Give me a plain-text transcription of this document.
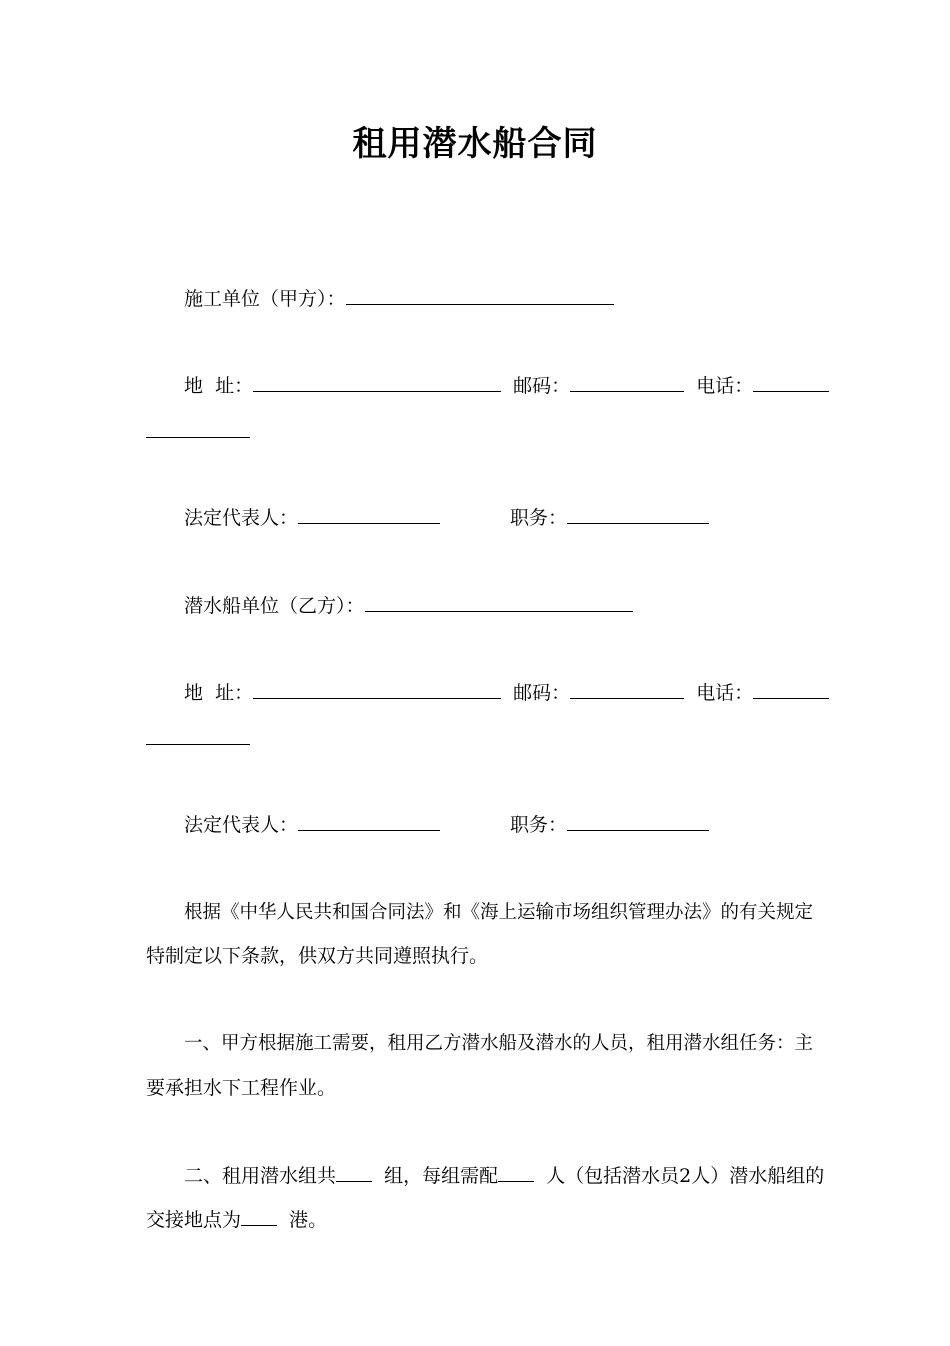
租用潜水船合同
施工单位（甲方）：
地  址：	邮码：	电话：
法定代表人：	职务：
潜水船单位（乙方）：
地  址：	邮码：	电话：
法定代表人：	职务：
根据《中华人民共和国合同法》和《海上运输市场组织管理办法》的有关规定
特制定以下条款，供双方共同遵照执行。
一、甲方根据施工需要，租用乙方潜水船及潜水的人员，租用潜水组任务：主
要承担水下工程作业。
二、租用潜水组共	组，每组需配	人（包括潜水员2人）潜水船组的
交接地点为	港。
